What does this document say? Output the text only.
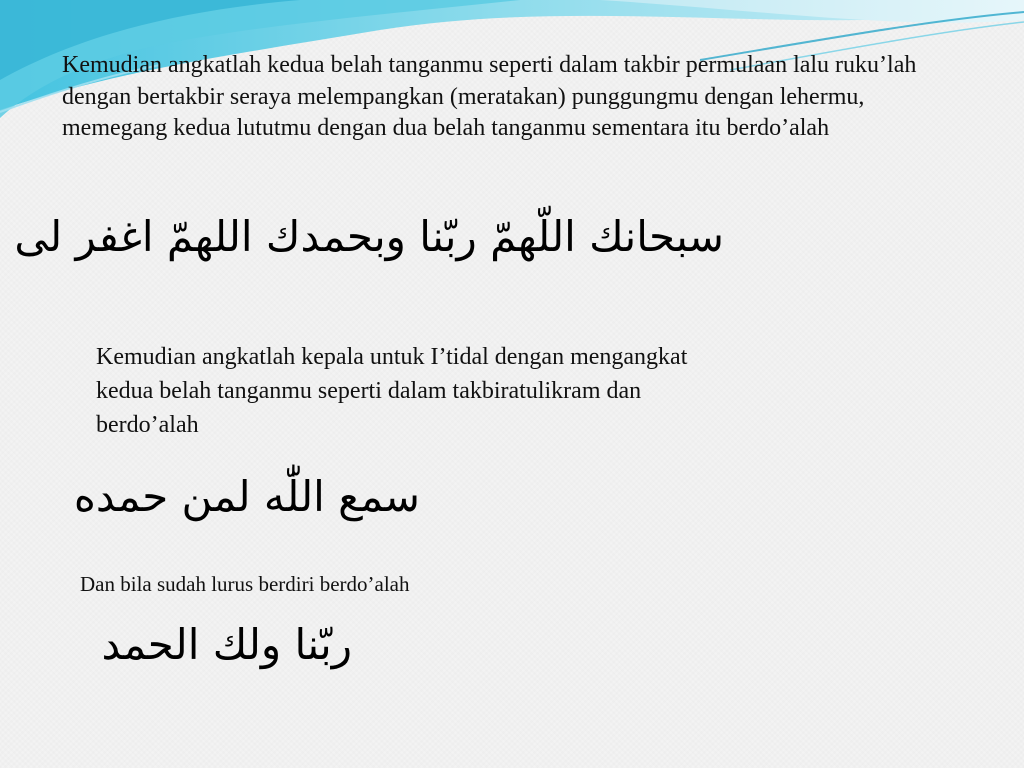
Kemudian angkatlah kedua belah tanganmu seperti dalam takbir permulaan lalu ruku’lah dengan bertakbir seraya melempangkan (meratakan) punggungmu dengan lehermu, memegang kedua lututmu dengan dua belah tanganmu sementara itu berdo’alah

سبحانك اللّهمّ ربّنا وبحمدك اللهمّ اغفر لى

Kemudian angkatlah kepala untuk I’tidal dengan mengangkat kedua belah tanganmu seperti dalam takbiratulikram dan berdo’alah

سمع اللّٰه لمن حمده

Dan bila sudah lurus berdiri berdo’alah

ربّنا ولك الحمد
